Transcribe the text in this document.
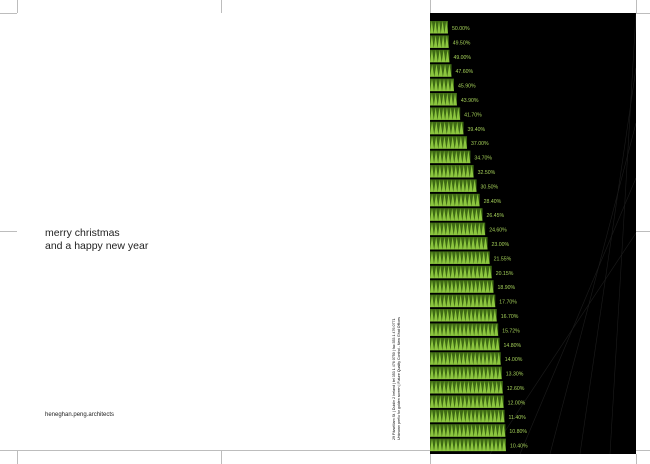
merry christmas
and a happy new year
heneghan.peng.architects	29 Fitzwilliam St. | Dublin 2 Ireland | tel 353 1 476 0750 | fax 353 1 476 0771 Unknown prefix for golden screen | Future Quality Control - New Ghat Offices
50.00%
49.50%
49.00%
47.60%
45.90%
43.90%
41.70%
39.40%
37.00%
34.70%
32.50%
30.50%
28.40%
26.45%
24.60%
23.00%
21.55%
20.15%
18.90%
17.70%
16.70%
15.72%
14.80%
14.00%
13.30%
12.60%
12.00%
11.40%
10.80%
10.40%
